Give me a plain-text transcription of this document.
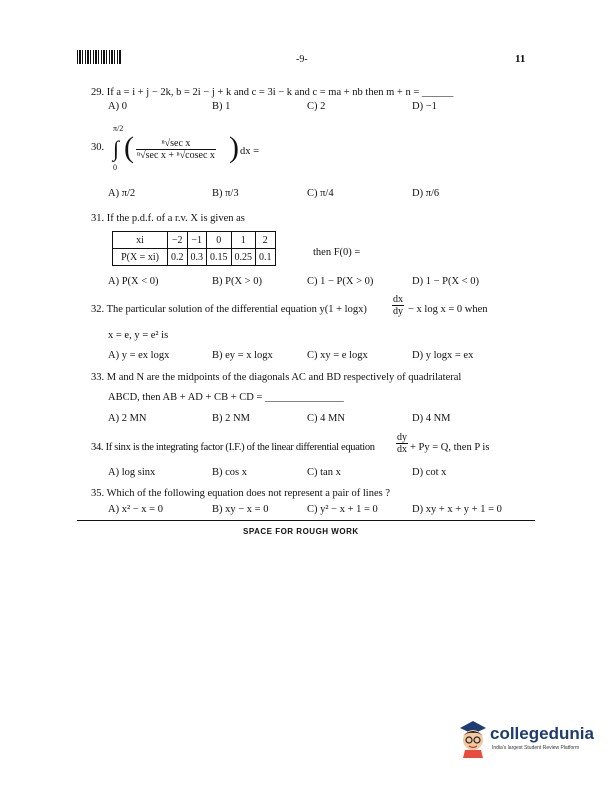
-9-	11
29. If a = i + j − 2k, b = 2i − j + k and c = 3i − k and c = ma + nb then m + n = ______
A) 0	B) 1	C) 2	D) −1
30.
π/2
∫
0
(	ⁿ√sec x
ⁿ√sec x + ⁿ√cosec x ) dx =
A) π/2	B) π/3	C) π/4	D) π/6
31. If the p.d.f. of a r.v. X is given as
xi	−2	−1	0	1	2
P(X = xi)	0.2	0.3	0.15	0.25	0.1	then F(0) =
A) P(X < 0)	B) P(X > 0)	C) 1 − P(X > 0)	D) 1 − P(X < 0)
32. The particular solution of the differential equation y(1 + logx)	$\frac{dx}{dy} - x$ log x = 0 when
x = e, y = e² is
A) y = ex logx	B) ey = x logx	C) xy = e logx	D) y logx = ex
33. M and N are the midpoints of the diagonals AC and BD respectively of quadrilateral
ABCD, then AB + AD + CB + CD = _______________
A) 2 MN	B) 2 NM	C) 4 MN	D) 4 NM
34. If sinx is the integrating factor (I.F.) of the linear differential equation $\frac{dy}{dx} + Py = Q$, then P is
A) log sinx	B) cos x	C) tan x	D) cot x
35. Which of the following equation does not represent a pair of lines ?
A) x² − x = 0	B) xy − x = 0	C) y² − x + 1 = 0	D) xy + x + y + 1 = 0
SPACE FOR ROUGH WORK
collegedunia
India's largest Student Review Platform
